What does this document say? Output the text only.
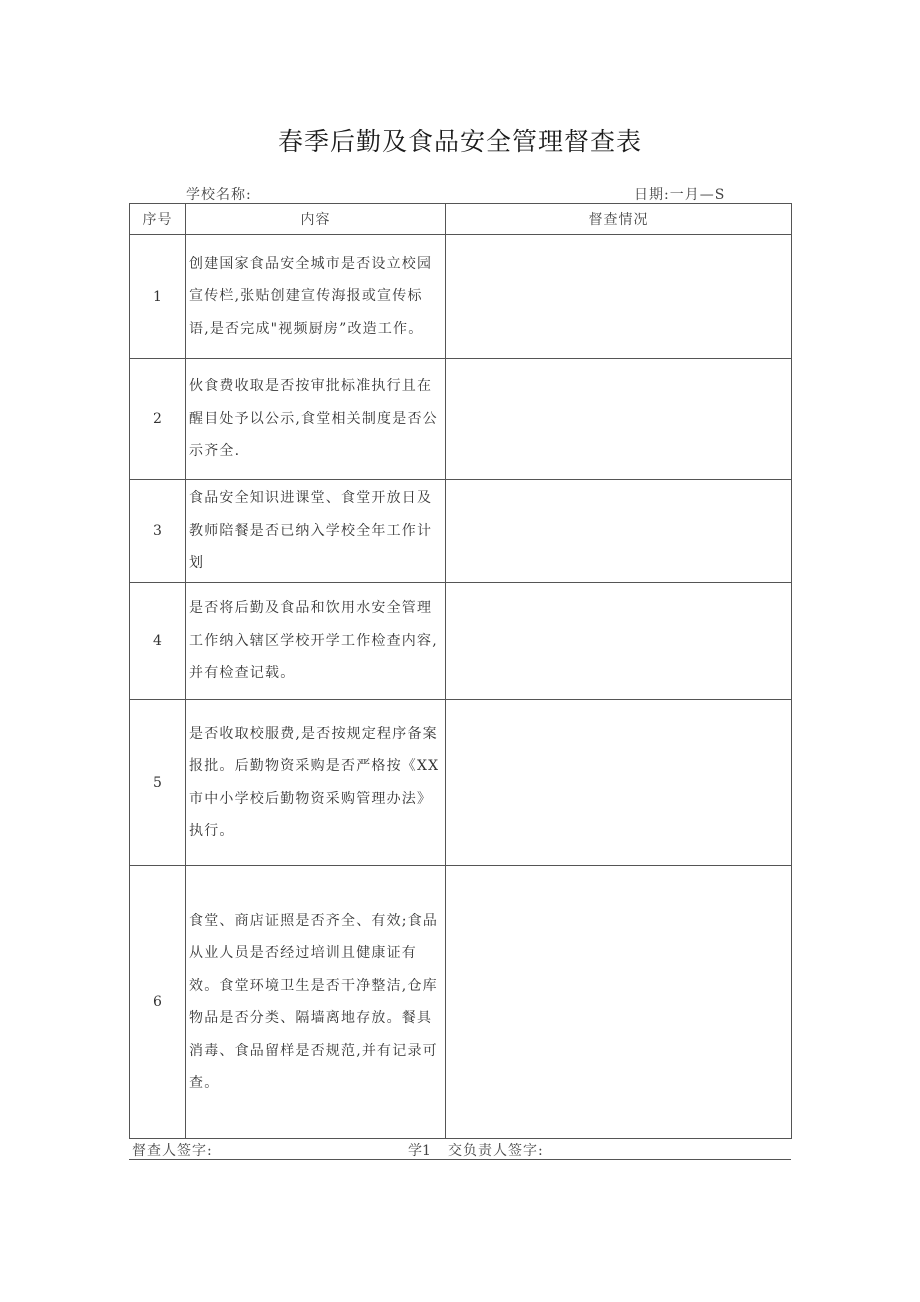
春季后勤及食品安全管理督查表
学校名称:	日期:一月—S
序号	内容	督查情况
1	创建国家食品安全城市是否设立校园宣传栏,张贴创建宣传海报或宣传标语,是否完成"视频厨房”改造工作。	
2	伙食费收取是否按审批标准执行且在醒目处予以公示,食堂相关制度是否公示齐全.	
3	食品安全知识进课堂、食堂开放日及教师陪餐是否已纳入学校全年工作计划	
4	是否将后勤及食品和饮用水安全管理工作纳入辖区学校开学工作检查内容,并有检查记载。	
5	是否收取校服费,是否按规定程序备案报批。后勤物资采购是否严格按《XX市中小学校后勤物资采购管理办法》执行。	
6	食堂、商店证照是否齐全、有效;食品从业人员是否经过培训且健康证有效。食堂环境卫生是否干净整洁,仓库物品是否分类、隔墙离地存放。餐具消毒、食品留样是否规范,并有记录可查。	
督查人签字:	学1 交负责人签字:
